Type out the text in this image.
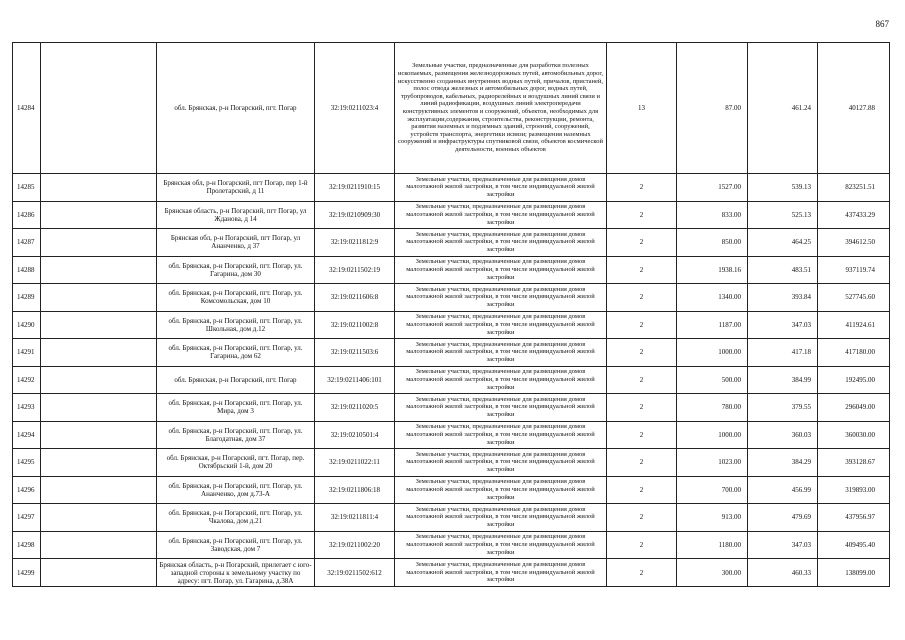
867
14284		обл. Брянская, р-н Погарский, пгт. Погар	32:19:0211023:4	Земельные участки, предназначенные для разработки полезных ископаемых, размещения железнодорожных путей, автомобильных дорог, искусственно созданных внутренних водных путей, причалов, пристаней, полос отвода железных и автомобильных дорог, водных путей, трубопроводов, кабельных, радиорелейных и воздушных линий связи и линий радиофикации, воздушных линий электропередачи конструктивных элементов и сооружений, объектов, необходимых для эксплуатации,содержания, строительства, реконструкции, ремонта, развития наземных и подземных зданий, строений, сооружений, устройств транспорта, энергетики исвязи; размещения наземных сооружений и инфраструктуры спутниковой связи, объектов космической деятельности, военных объектов	13	87.00	461.24	40127.88
14285		Брянская обл, р-н Погарский, пгт Погар, пер 1-й Пролетарский, д 11	32:19:0211910:15	Земельные участки, предназначенные для размещения домов малоэтажной жилой застройки, в том числе индивидуальной жилой застройки	2	1527.00	539.13	823251.51
14286		Брянская область, р-н Погарский, пгт Погар, ул Жданова, д 14	32:19:0210909:30	Земельные участки, предназначенные для размещения домов малоэтажной жилой застройки, в том числе индивидуальной жилой застройки	2	833.00	525.13	437433.29
14287		Брянская обл, р-н Погарский, пгт Погар, ул Ананченко, д 37	32:19:0211812:9	Земельные участки, предназначенные для размещения домов малоэтажной жилой застройки, в том числе индивидуальной жилой застройки	2	850.00	464.25	394612.50
14288		обл. Брянская, р-н Погарский, пгт. Погар, ул. Гагарина, дом 30	32:19:0211502:19	Земельные участки, предназначенные для размещения домов малоэтажной жилой застройки, в том числе индивидуальной жилой застройки	2	1938.16	483.51	937119.74
14289		обл. Брянская, р-н Погарский, пгт. Погар, ул. Комсомольская, дом 10	32:19:0211606:8	Земельные участки, предназначенные для размещения домов малоэтажной жилой застройки, в том числе индивидуальной жилой застройки	2	1340.00	393.84	527745.60
14290		обл. Брянская, р-н Погарский, пгт. Погар, ул. Школьная, дом д.12	32:19:0211002:8	Земельные участки, предназначенные для размещения домов малоэтажной жилой застройки, в том числе индивидуальной жилой застройки	2	1187.00	347.03	411924.61
14291		обл. Брянская, р-н Погарский, пгт. Погар, ул. Гагарина, дом 62	32:19:0211503:6	Земельные участки, предназначенные для размещения домов малоэтажной жилой застройки, в том числе индивидуальной жилой застройки	2	1000.00	417.18	417180.00
14292		обл. Брянская, р-н Погарский, пгт. Погар	32:19:0211406:101	Земельные участки, предназначенные для размещения домов малоэтажной жилой застройки, в том числе индивидуальной жилой застройки	2	500.00	384.99	192495.00
14293		обл. Брянская, р-н Погарский, пгт. Погар, ул. Мира, дом 3	32:19:0211020:5	Земельные участки, предназначенные для размещения домов малоэтажной жилой застройки, в том числе индивидуальной жилой застройки	2	780.00	379.55	296049.00
14294		обл. Брянская, р-н Погарский, пгт. Погар, ул. Благодатная, дом 37	32:19:0210501:4	Земельные участки, предназначенные для размещения домов малоэтажной жилой застройки, в том числе индивидуальной жилой застройки	2	1000.00	360.03	360030.00
14295		обл. Брянская, р-н Погарский, пгт. Погар, пер. Октябрьский 1-й, дом 20	32:19:0211022:11	Земельные участки, предназначенные для размещения домов малоэтажной жилой застройки, в том числе индивидуальной жилой застройки	2	1023.00	384.29	393128.67
14296		обл. Брянская, р-н Погарский, пгт. Погар, ул. Ананченко, дом д.73-А	32:19:0211806:18	Земельные участки, предназначенные для размещения домов малоэтажной жилой застройки, в том числе индивидуальной жилой застройки	2	700.00	456.99	319893.00
14297		обл. Брянская, р-н Погарский, пгт. Погар, ул. Чкалова, дом д.21	32:19:0211811:4	Земельные участки, предназначенные для размещения домов малоэтажной жилой застройки, в том числе индивидуальной жилой застройки	2	913.00	479.69	437956.97
14298		обл. Брянская, р-н Погарский, пгт. Погар, ул. Заводская, дом 7	32:19:0211002:20	Земельные участки, предназначенные для размещения домов малоэтажной жилой застройки, в том числе индивидуальной жилой застройки	2	1180.00	347.03	409495.40
14299		Брянская область, р-н Погарский, прилегает с юго-западной стороны к земельному участку по адресу: пгт. Погар, ул. Гагарина, д.38А	32:19:0211502:612	Земельные участки, предназначенные для размещения домов малоэтажной жилой застройки, в том числе индивидуальной жилой застройки	2	300.00	460.33	138099.00
